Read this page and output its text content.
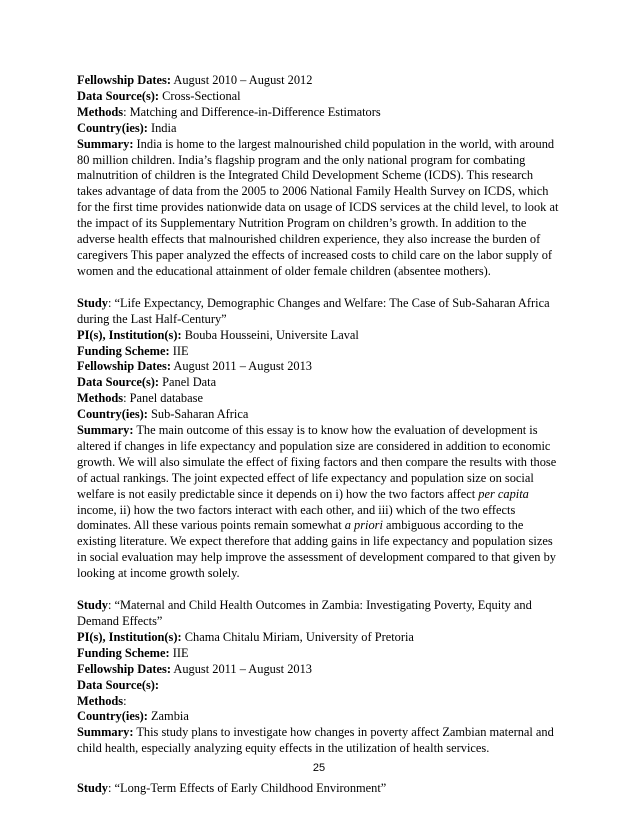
Fellowship Dates: August 2010 – August 2012
Data Source(s): Cross-Sectional
Methods: Matching and Difference-in-Difference Estimators
Country(ies): India
Summary: India is home to the largest malnourished child population in the world, with around
80 million children. India’s flagship program and the only national program for combating
malnutrition of children is the Integrated Child Development Scheme (ICDS). This research
takes advantage of data from the 2005 to 2006 National Family Health Survey on ICDS, which
for the first time provides nationwide data on usage of ICDS services at the child level, to look at
the impact of its Supplementary Nutrition Program on children’s growth. In addition to the
adverse health effects that malnourished children experience, they also increase the burden of
caregivers This paper analyzed the effects of increased costs to child care on the labor supply of
women and the educational attainment of older female children (absentee mothers).
Study: “Life Expectancy, Demographic Changes and Welfare: The Case of Sub-Saharan Africa
during the Last Half-Century”
PI(s), Institution(s): Bouba Housseini, Universite Laval
Funding Scheme: IIE
Fellowship Dates: August 2011 – August 2013
Data Source(s): Panel Data
Methods: Panel database
Country(ies): Sub-Saharan Africa
Summary: The main outcome of this essay is to know how the evaluation of development is
altered if changes in life expectancy and population size are considered in addition to economic
growth. We will also simulate the effect of fixing factors and then compare the results with those
of actual rankings. The joint expected effect of life expectancy and population size on social
welfare is not easily predictable since it depends on i) how the two factors affect per capita
income, ii) how the two factors interact with each other, and iii) which of the two effects
dominates. All these various points remain somewhat a priori ambiguous according to the
existing literature. We expect therefore that adding gains in life expectancy and population sizes
in social evaluation may help improve the assessment of development compared to that given by
looking at income growth solely.
Study: “Maternal and Child Health Outcomes in Zambia: Investigating Poverty, Equity and
Demand Effects”
PI(s), Institution(s): Chama Chitalu Miriam, University of Pretoria
Funding Scheme: IIE
Fellowship Dates: August 2011 – August 2013
Data Source(s):
Methods:
Country(ies): Zambia
Summary: This study plans to investigate how changes in poverty affect Zambian maternal and
child health, especially analyzing equity effects in the utilization of health services.
Study: “Long-Term Effects of Early Childhood Environment”
25
